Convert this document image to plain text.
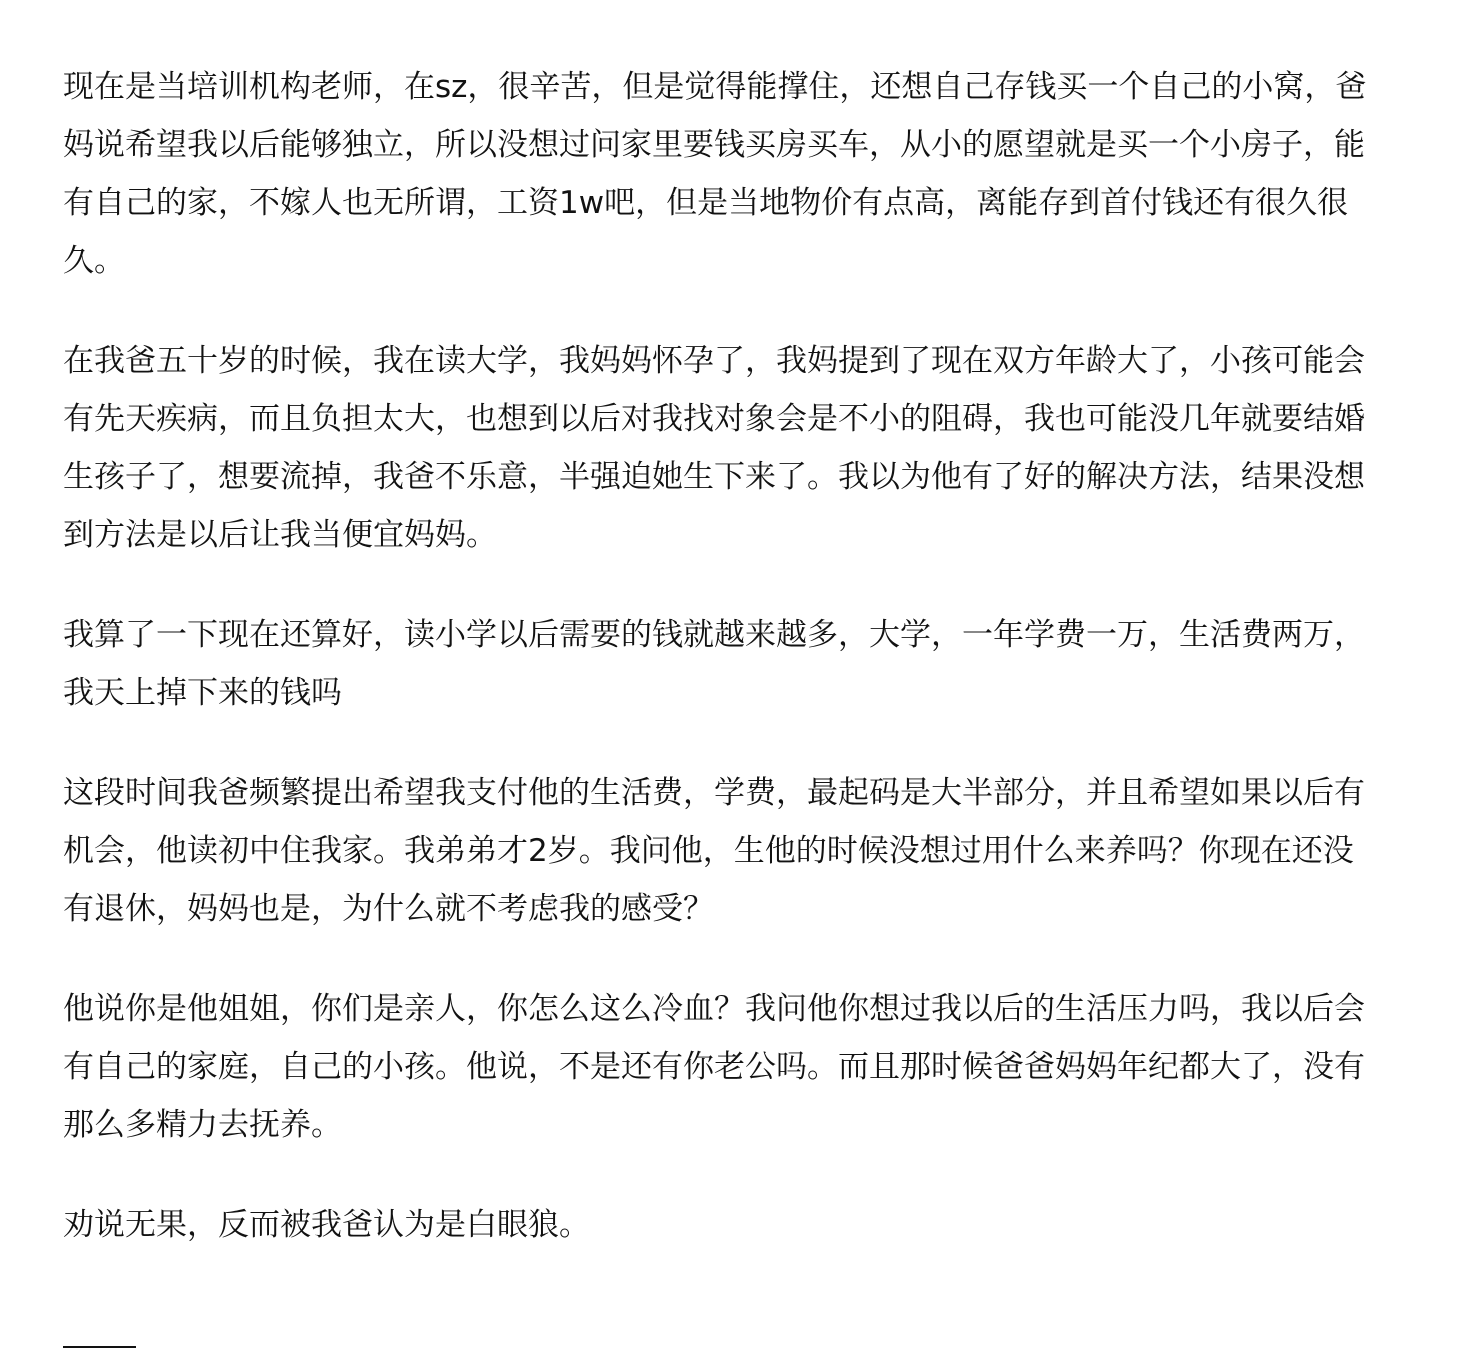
现在是当培训机构老师，在sz，很辛苦，但是觉得能撑住，还想自己存钱买一个自己的小窝，爸妈说希望我以后能够独立，所以没想过问家里要钱买房买车，从小的愿望就是买一个小房子，能有自己的家，不嫁人也无所谓，工资1w吧，但是当地物价有点高，离能存到首付钱还有很久很久。

在我爸五十岁的时候，我在读大学，我妈妈怀孕了，我妈提到了现在双方年龄大了，小孩可能会有先天疾病，而且负担太大，也想到以后对我找对象会是不小的阻碍，我也可能没几年就要结婚生孩子了，想要流掉，我爸不乐意，半强迫她生下来了。我以为他有了好的解决方法，结果没想到方法是以后让我当便宜妈妈。

我算了一下现在还算好，读小学以后需要的钱就越来越多，大学，一年学费一万，生活费两万，我天上掉下来的钱吗

这段时间我爸频繁提出希望我支付他的生活费，学费，最起码是大半部分，并且希望如果以后有机会，他读初中住我家。我弟弟才2岁。我问他，生他的时候没想过用什么来养吗？你现在还没有退休，妈妈也是，为什么就不考虑我的感受？

他说你是他姐姐，你们是亲人，你怎么这么冷血？我问他你想过我以后的生活压力吗，我以后会有自己的家庭，自己的小孩。他说，不是还有你老公吗。而且那时候爸爸妈妈年纪都大了，没有那么多精力去抚养。

劝说无果，反而被我爸认为是白眼狼。
